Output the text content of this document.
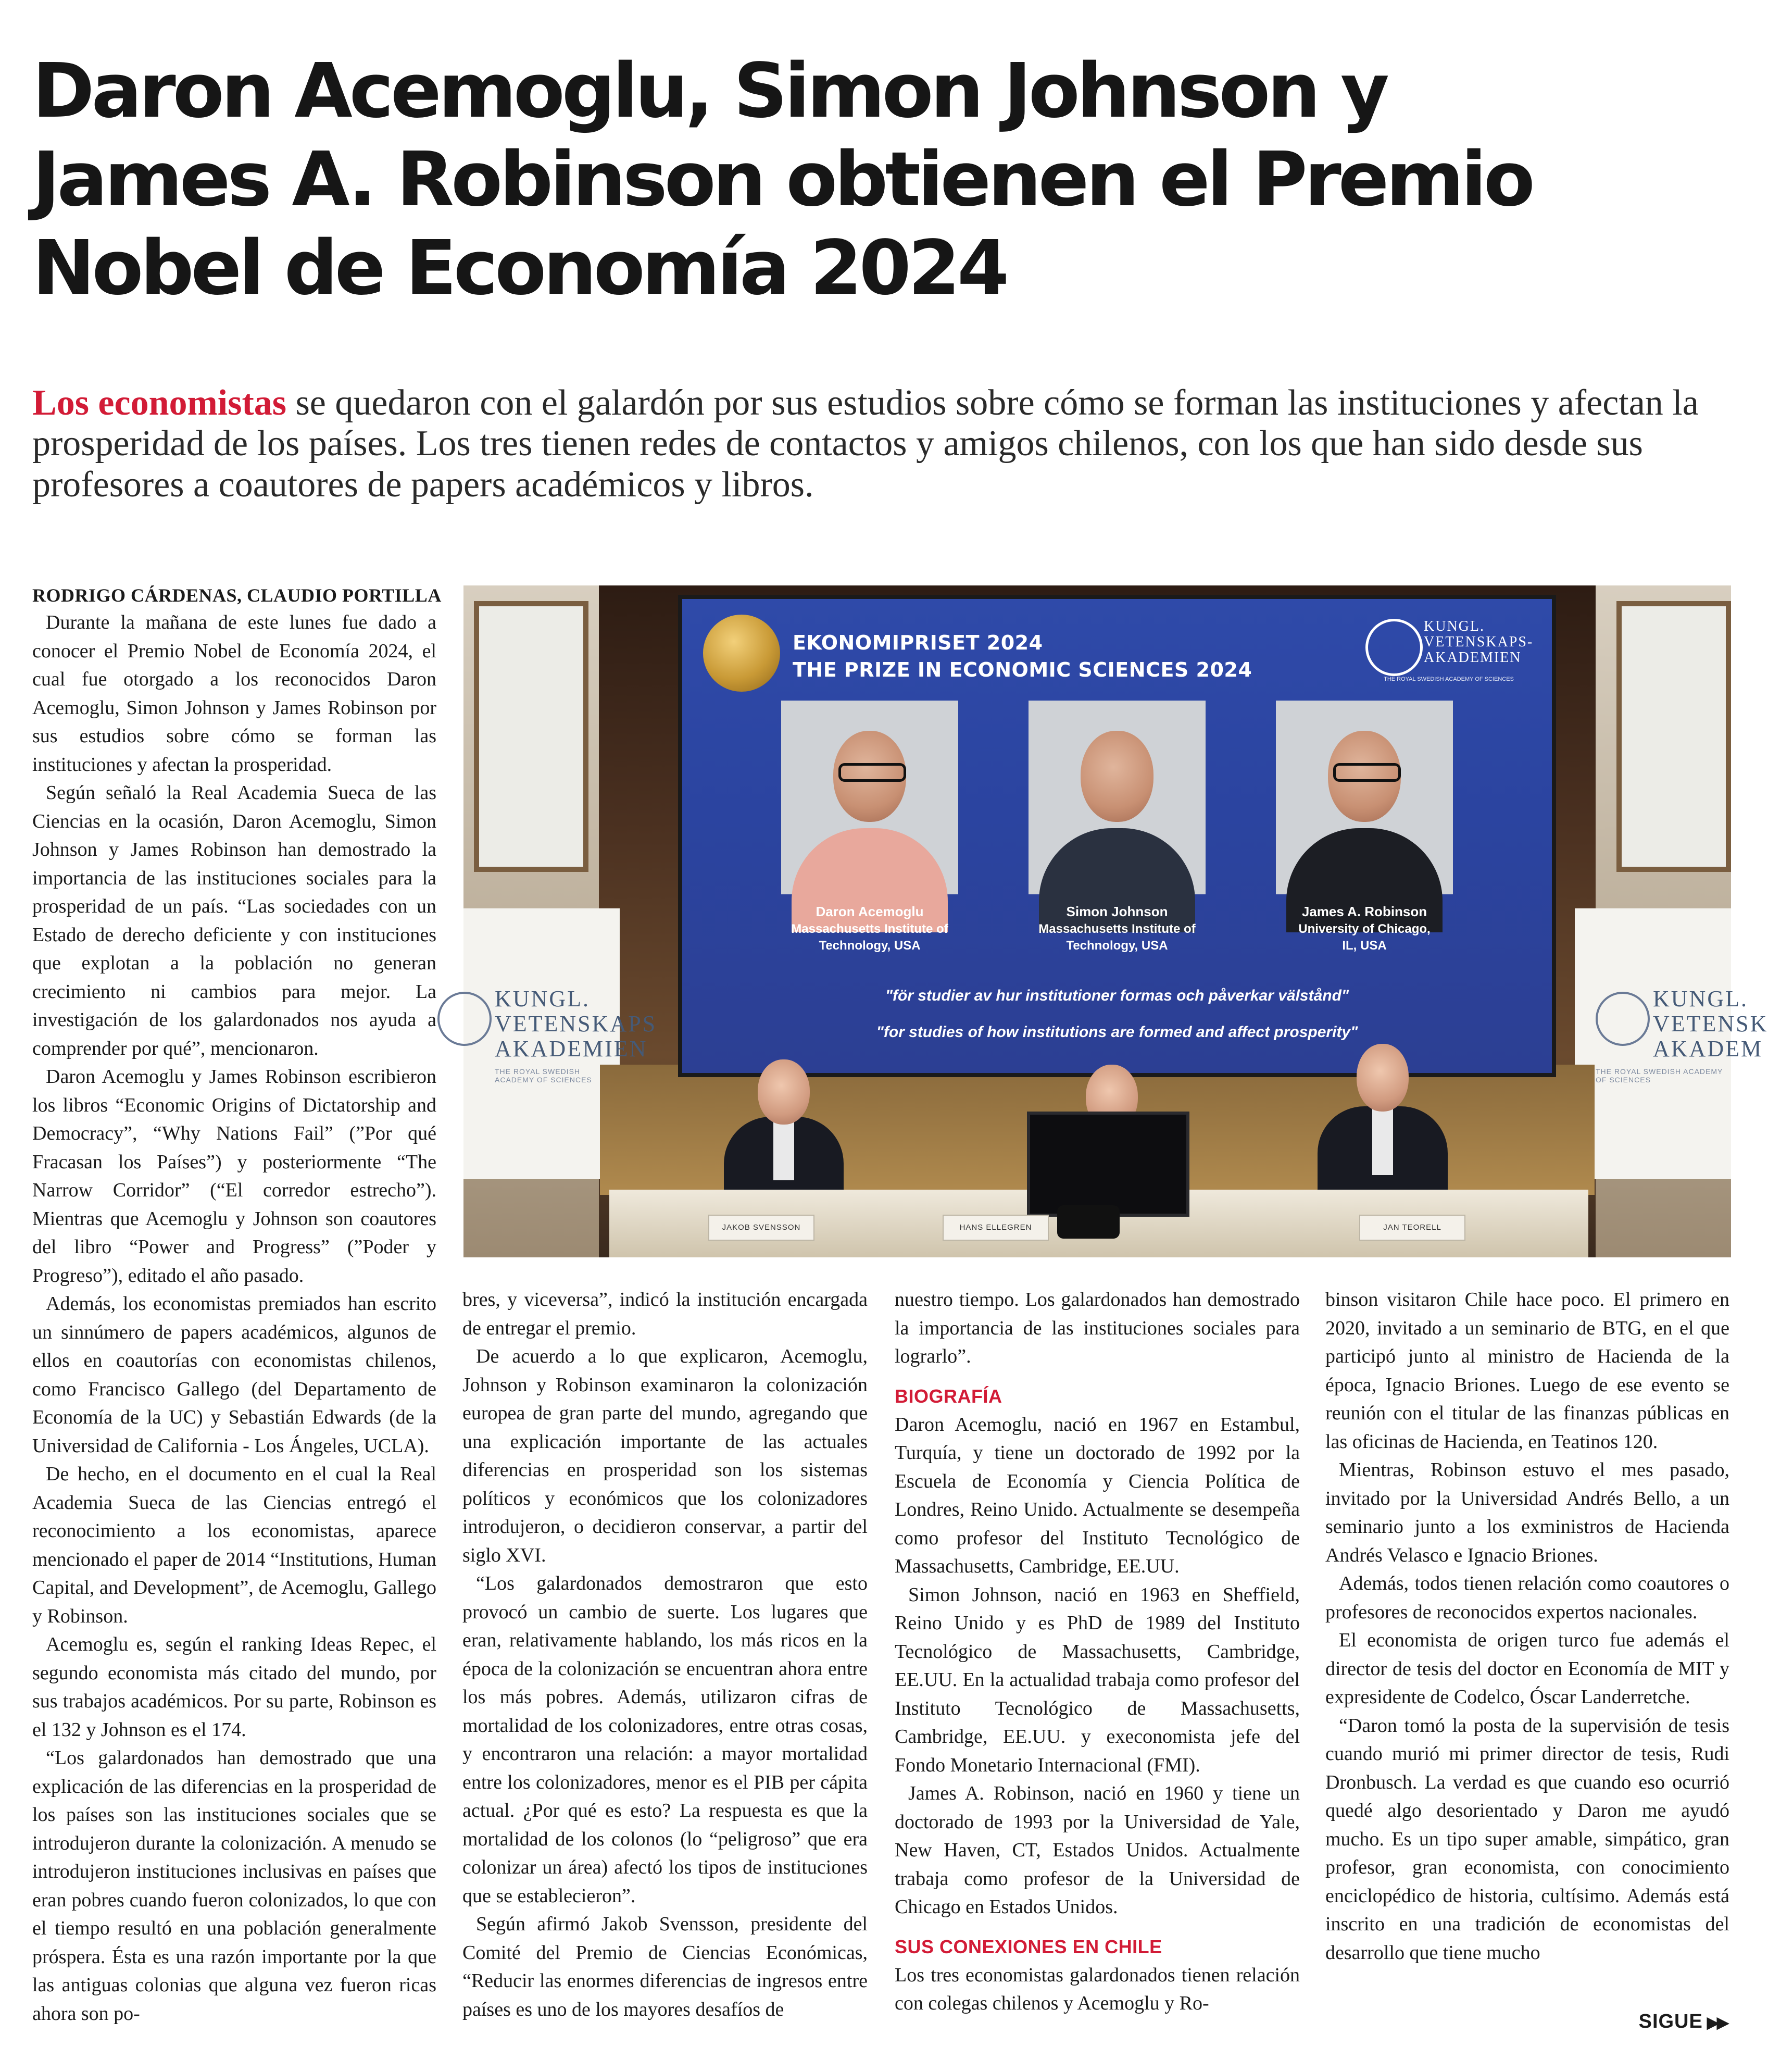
Daron Acemoglu, Simon Johnson y
James A. Robinson obtienen el Premio
Nobel de Economía 2024

Los economistas se quedaron con el galardón por sus estudios sobre cómo se forman las instituciones y afectan la prosperidad de los países. Los tres tienen redes de contactos y amigos chilenos, con los que han sido desde sus profesores a coautores de papers académicos y libros.

RODRIGO CÁRDENAS, CLAUDIO PORTILLA
KUNGL.
VETENSKAPS
AKADEMIEN
THE ROYAL SWEDISH ACADEMY OF SCIENCES
KUNGL.
VETENSK
AKADEM
THE ROYAL SWEDISH ACADEMY OF SCIENCES
EKONOMIPRISET 2024
THE PRIZE IN ECONOMIC SCIENCES 2024
KUNGL.
VETENSKAPS-
AKADEMIEN
THE ROYAL SWEDISH ACADEMY OF SCIENCES
Daron Acemoglu
Massachusetts Institute of
Technology, USA
Simon Johnson
Massachusetts Institute of
Technology, USA
James A. Robinson
University of Chicago,
IL, USA
"för studier av hur institutioner formas och påverkar välstånd"
"for studies of how institutions are formed and affect prosperity"
JAKOB SVENSSON	HANS ELLEGREN	JAN TEORELL

Durante la mañana de este lunes fue dado a conocer el Premio Nobel de Economía 2024, el cual fue otorgado a los reconocidos Daron Acemoglu, Simon Johnson y James Robinson por sus estudios sobre cómo se forman las instituciones y afectan la prosperidad.

Según señaló la Real Academia Sueca de las Ciencias en la ocasión, Daron Acemoglu, Simon Johnson y James Robinson han demostrado la importancia de las instituciones sociales para la prosperidad de un país. “Las sociedades con un Estado de derecho deficiente y con instituciones que explotan a la población no generan crecimiento ni cambios para mejor. La investigación de los galardonados nos ayuda a comprender por qué”, mencionaron.

Daron Acemoglu y James Robinson escribieron los libros “Economic Origins of Dictatorship and Democracy”, “Why Nations Fail” (”Por qué Fracasan los Países”) y posteriormente “The Narrow Corridor” (“El corredor estrecho”). Mientras que Acemoglu y Johnson son coautores del libro “Power and Progress” (”Poder y Progreso”), editado el año pasado.

Además, los economistas premiados han escrito un sinnúmero de papers académicos, algunos de ellos en coautorías con economistas chilenos, como Francisco Gallego (del Departamento de Economía de la UC) y Sebastián Edwards (de la Universidad de California - Los Ángeles, UCLA).

De hecho, en el documento en el cual la Real Academia Sueca de las Ciencias entregó el reconocimiento a los economistas, aparece mencionado el paper de 2014 “Institutions, Human Capital, and Development”, de Acemoglu, Gallego y Robinson.

Acemoglu es, según el ranking Ideas Repec, el segundo economista más citado del mundo, por sus trabajos académicos. Por su parte, Robinson es el 132 y Johnson es el 174.

“Los galardonados han demostrado que una explicación de las diferencias en la prosperidad de los países son las instituciones sociales que se introdujeron durante la colonización. A menudo se introdujeron instituciones inclusivas en países que eran pobres cuando fueron colonizados, lo que con el tiempo resultó en una población generalmente próspera. Ésta es una razón importante por la que las antiguas colonias que alguna vez fueron ricas ahora son po-

bres, y viceversa”, indicó la institución encargada de entregar el premio.

De acuerdo a lo que explicaron, Acemoglu, Johnson y Robinson examinaron la colonización europea de gran parte del mundo, agregando que una explicación importante de las actuales diferencias en prosperidad son los sistemas políticos y económicos que los colonizadores introdujeron, o decidieron conservar, a partir del siglo XVI.

“Los galardonados demostraron que esto provocó un cambio de suerte. Los lugares que eran, relativamente hablando, los más ricos en la época de la colonización se encuentran ahora entre los más pobres. Además, utilizaron cifras de mortalidad de los colonizadores, entre otras cosas, y encontraron una relación: a mayor mortalidad entre los colonizadores, menor es el PIB per cápita actual. ¿Por qué es esto? La respuesta es que la mortalidad de los colonos (lo “peligroso” que era colonizar un área) afectó los tipos de instituciones que se establecieron”.

Según afirmó Jakob Svensson, presidente del Comité del Premio de Ciencias Económicas, “Reducir las enormes diferencias de ingresos entre países es uno de los mayores desafíos de

nuestro tiempo. Los galardonados han demostrado la importancia de las instituciones sociales para lograrlo”.

BIOGRAFÍA

Daron Acemoglu, nació en 1967 en Estambul, Turquía, y tiene un doctorado de 1992 por la Escuela de Economía y Ciencia Política de Londres, Reino Unido. Actualmente se desempeña como profesor del Instituto Tecnológico de Massachusetts, Cambridge, EE.UU.

Simon Johnson, nació en 1963 en Sheffield, Reino Unido y es PhD de 1989 del Instituto Tecnológico de Massachusetts, Cambridge, EE.UU. En la actualidad trabaja como profesor del Instituto Tecnológico de Massachusetts, Cambridge, EE.UU. y execonomista jefe del Fondo Monetario Internacional (FMI).

James A. Robinson, nació en 1960 y tiene un doctorado de 1993 por la Universidad de Yale, New Haven, CT, Estados Unidos. Actualmente trabaja como profesor de la Universidad de Chicago en Estados Unidos.

SUS CONEXIONES EN CHILE

Los tres economistas galardonados tienen relación con colegas chilenos y Acemoglu y Ro-

binson visitaron Chile hace poco. El primero en 2020, invitado a un seminario de BTG, en el que participó junto al ministro de Hacienda de la época, Ignacio Briones. Luego de ese evento se reunión con el titular de las finanzas públicas en las oficinas de Hacienda, en Teatinos 120.

Mientras, Robinson estuvo el mes pasado, invitado por la Universidad Andrés Bello, a un seminario junto a los exministros de Hacienda Andrés Velasco e Ignacio Briones.

Además, todos tienen relación como coautores o profesores de reconocidos expertos nacionales.

El economista de origen turco fue además el director de tesis del doctor en Economía de MIT y expresidente de Codelco, Óscar Landerretche.

“Daron tomó la posta de la supervisión de tesis cuando murió mi primer director de tesis, Rudi Dronbusch. La verdad es que cuando eso ocurrió quedé algo desorientado y Daron me ayudó mucho. Es un tipo super amable, simpático, gran profesor, gran economista, con conocimiento enciclopédico de historia, cultísimo. Además está inscrito en una tradición de economistas del desarrollo que tiene mucho

SIGUE ▶▶
